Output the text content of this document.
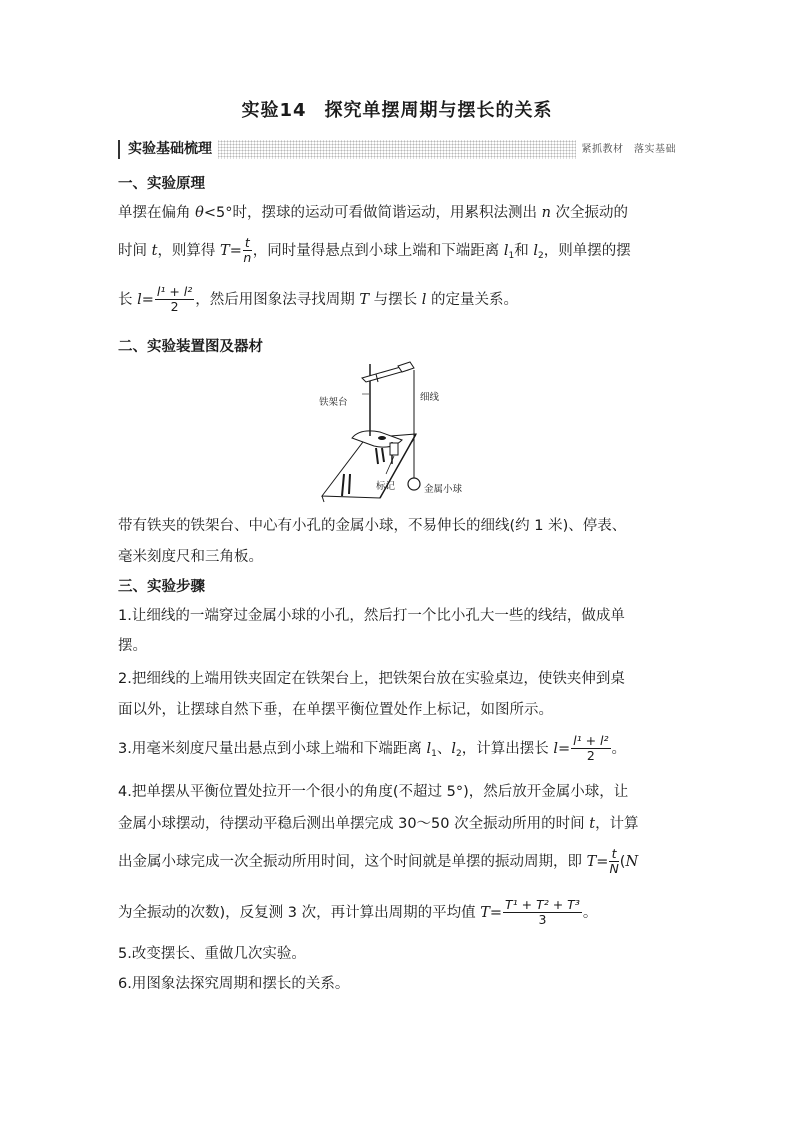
实验14 探究单摆周期与摆长的关系
实验基础梳理	紧抓教材　落实基础
一、实验原理
单摆在偏角 θ<5°时，摆球的运动可看做简谐运动，用累积法测出 n 次全振动的
时间 t，则算得 $T= \frac{t}{n}$ ，同时量得悬点到小球上端和下端距离 $l_1$和 $l_2$，则单摆的摆
长 $l= \frac{\text{l¹ + l²}}{2}$ ，然后用图象法寻找周期 T 与摆长 l 的定量关系。
二、实验装置图及器材
铁架台	细线
标记	金属小球
带有铁夹的铁架台、中心有小孔的金属小球，不易伸长的细线(约 1 米)、停表、
毫米刻度尺和三角板。
三、实验步骤
1.让细线的一端穿过金属小球的小孔，然后打一个比小孔大一些的线结，做成单
摆。
2.把细线的上端用铁夹固定在铁架台上，把铁架台放在实验桌边，使铁夹伸到桌
面以外，让摆球自然下垂，在单摆平衡位置处作上标记，如图所示。
3.用毫米刻度尺量出悬点到小球上端和下端距离 $l_1$、$l_2$，计算出摆长 $l= \frac{\text{l¹ + l²}}{2}$ 。
4.把单摆从平衡位置处拉开一个很小的角度(不超过 5°)，然后放开金属小球，让
金属小球摆动，待摆动平稳后测出单摆完成 30～50 次全振动所用的时间 t，计算
出金属小球完成一次全振动所用时间，这个时间就是单摆的振动周期，即 $T= \frac{t}{N} (N$
为全振动的次数)，反复测 3 次，再计算出周期的平均值 $T= \frac{\text{T¹ + T² + T³}}{3}$ 。
5.改变摆长、重做几次实验。
6.用图象法探究周期和摆长的关系。
